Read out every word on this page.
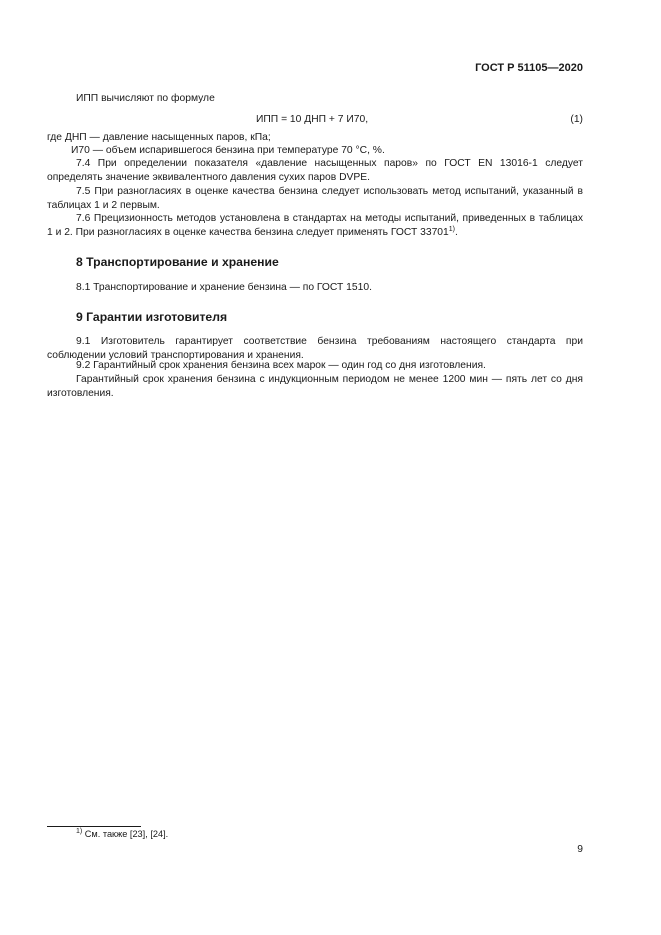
ГОСТ Р 51105—2020
ИПП вычисляют по формуле
ИПП = 10 ДНП + 7 И70,	(1)
где ДНП — давление насыщенных паров, кПа;
И70 — объем испарившегося бензина при температуре 70 °С, %.
7.4 При определении показателя «давление насыщенных паров» по ГОСТ EN 13016-1 следует определять значение эквивалентного давления сухих паров DVPE.
7.5 При разногласиях в оценке качества бензина следует использовать метод испытаний, указанный в таблицах 1 и 2 первым.
7.6 Прецизионность методов установлена в стандартах на методы испытаний, приведенных в таблицах 1 и 2. При разногласиях в оценке качества бензина следует применять ГОСТ 33701$^{1)}$.
8 Транспортирование и хранение
8.1 Транспортирование и хранение бензина — по ГОСТ 1510.
9 Гарантии изготовителя
9.1 Изготовитель гарантирует соответствие бензина требованиям настоящего стандарта при соблюдении условий транспортирования и хранения.
9.2 Гарантийный срок хранения бензина всех марок — один год со дня изготовления.
Гарантийный срок хранения бензина с индукционным периодом не менее 1200 мин — пять лет со дня изготовления.
$^{1)}$ См. также [23], [24].
9
